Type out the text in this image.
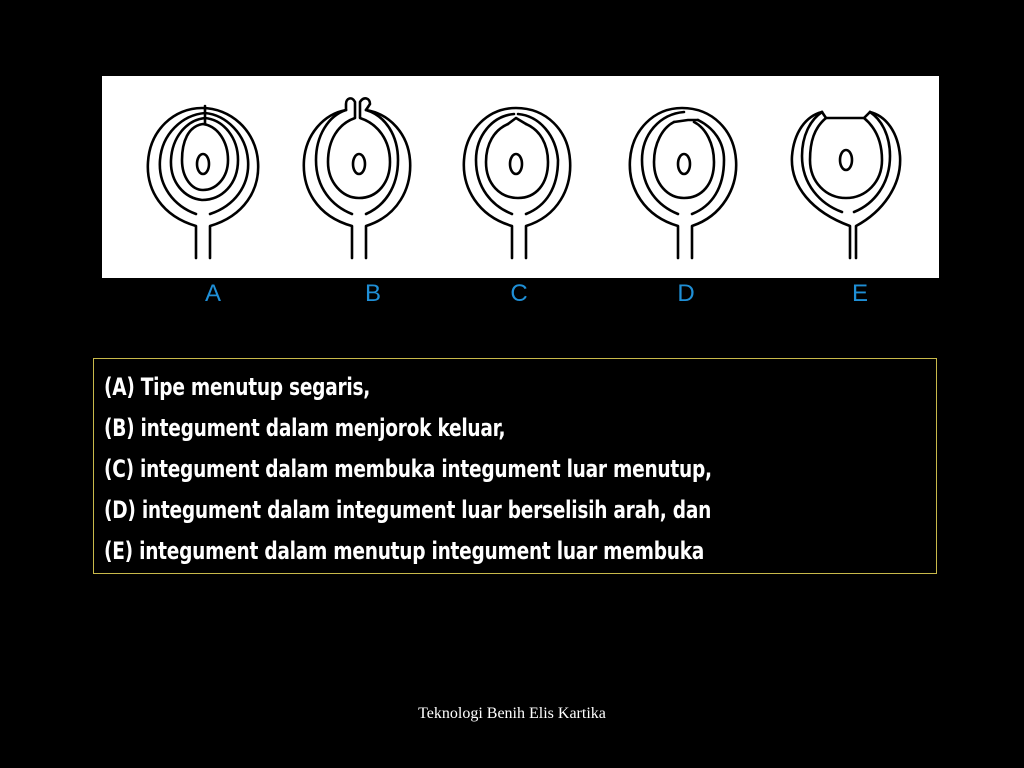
A	B	C	D	E
(A) Tipe menutup segaris,
(B) integument dalam menjorok keluar,
(C) integument dalam membuka integument luar menutup,
(D) integument dalam integument luar berselisih arah, dan
(E) integument dalam menutup integument luar membuka
Teknologi Benih Elis Kartika
